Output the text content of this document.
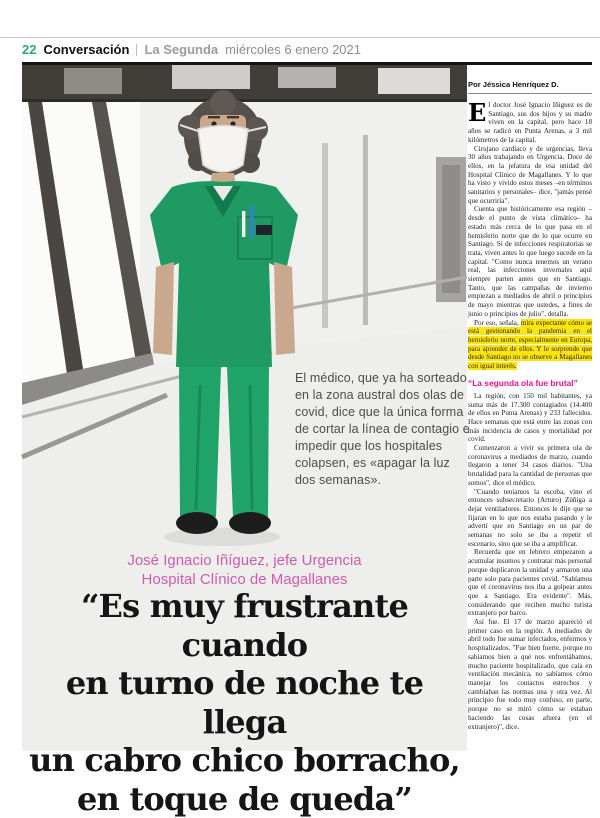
22 Conversación La Segunda miércoles 6 enero 2021
El médico, que ya ha sorteado en la zona austral dos olas de covid, dice que la única forma de cortar la línea de contagio e impedir que los hospitales colapsen, es «apagar la luz dos semanas».
José Ignacio Iñíguez, jefe Urgencia
Hospital Clínico de Magallanes
“Es muy frustrante cuando
en turno de noche te llega
un cabro chico borracho,
en toque de queda”
Por Jéssica Henríquez D.

El doctor José Ignacio Iñíguez es de Santiago, sus dos hijos y su madre viven en la capital, pero hace 18 años se radicó en Punta Arenas, a 3 mil kilómetros de la capital.

Cirujano cardíaco y de urgencias, lleva 30 años trabajando en Urgencia. Doce de ellos, en la jefatura de esa unidad del Hospital Clínico de Magallanes. Y lo que ha visto y vivido estos meses –en términos sanitarios y personales– dice, "jamás pensé que ocurriría".

Cuenta que históricamente esa región –desde el punto de vista climático– ha estado más cerca de lo que pasa en el hemisferio norte que de lo que ocurre en Santiago. Si de infecciones respiratorias se trata, viven antes lo que luego sucede en la capital. "Como nunca tenemos un verano real, las infecciones invernales aquí siempre parten antes que en Santiago. Tanto, que las campañas de invierno empiezan a mediados de abril o principios de mayo mientras que ustedes, a fines de junio o principios de julio", detalla.

Por eso, señala, mira expectante cómo se está gestionando la pandemia en el hemisferio norte, especialmente en Europa, para aprender de ellos. Y le sorprende que desde Santiago no se observe a Magallanes con igual interés.

“La segunda ola fue brutal”

La región, con 150 mil habitantes, ya suma más de 17.300 contagiados (14.400 de ellos en Punta Arenas) y 233 fallecidos. Hace semanas que está entre las zonas con más incidencia de casos y mortalidad por covid.

Comenzaron a vivir su primera ola de coronavirus a mediados de marzo, cuando llegaron a tener 34 casos diarios. "Una brutalidad para la cantidad de personas que somos", dice el médico.

"Cuando teníamos la escoba, vino el entonces subsecretario (Arturo) Zúñiga a dejar ventiladores. Entonces le dije que se fijaran en lo que nos estaba pasando y le advertí que en Santiago en un par de semanas no solo se iba a repetir el escenario, sino que se iba a amplificar.

Recuerda que en febrero empezaron a acumular insumos y contratar más personal porque duplicaron la unidad y armaron una parte solo para pacientes covid. "Sabíamos que el coronavirus nos iba a golpear antes que a Santiago. Era evidente". Más, considerando que reciben mucho turista extranjero por barco.

Así fue. El 17 de marzo apareció el primer caso en la región. A mediados de abril todo fue sumar infectados, enfermos y hospitalizados. "Fue bien fuerte, porque no sabíamos bien a qué nos enfrentábamos, mucho paciente hospitalizado, que caía en ventilación mecánica, no sabíamos cómo manejar los contactos estrechos y cambiaban las normas una y otra vez. Al principio fue todo muy confuso, en parte, porque no se miró cómo se estaban haciendo las cosas afuera (en el extranjero)", dice.
